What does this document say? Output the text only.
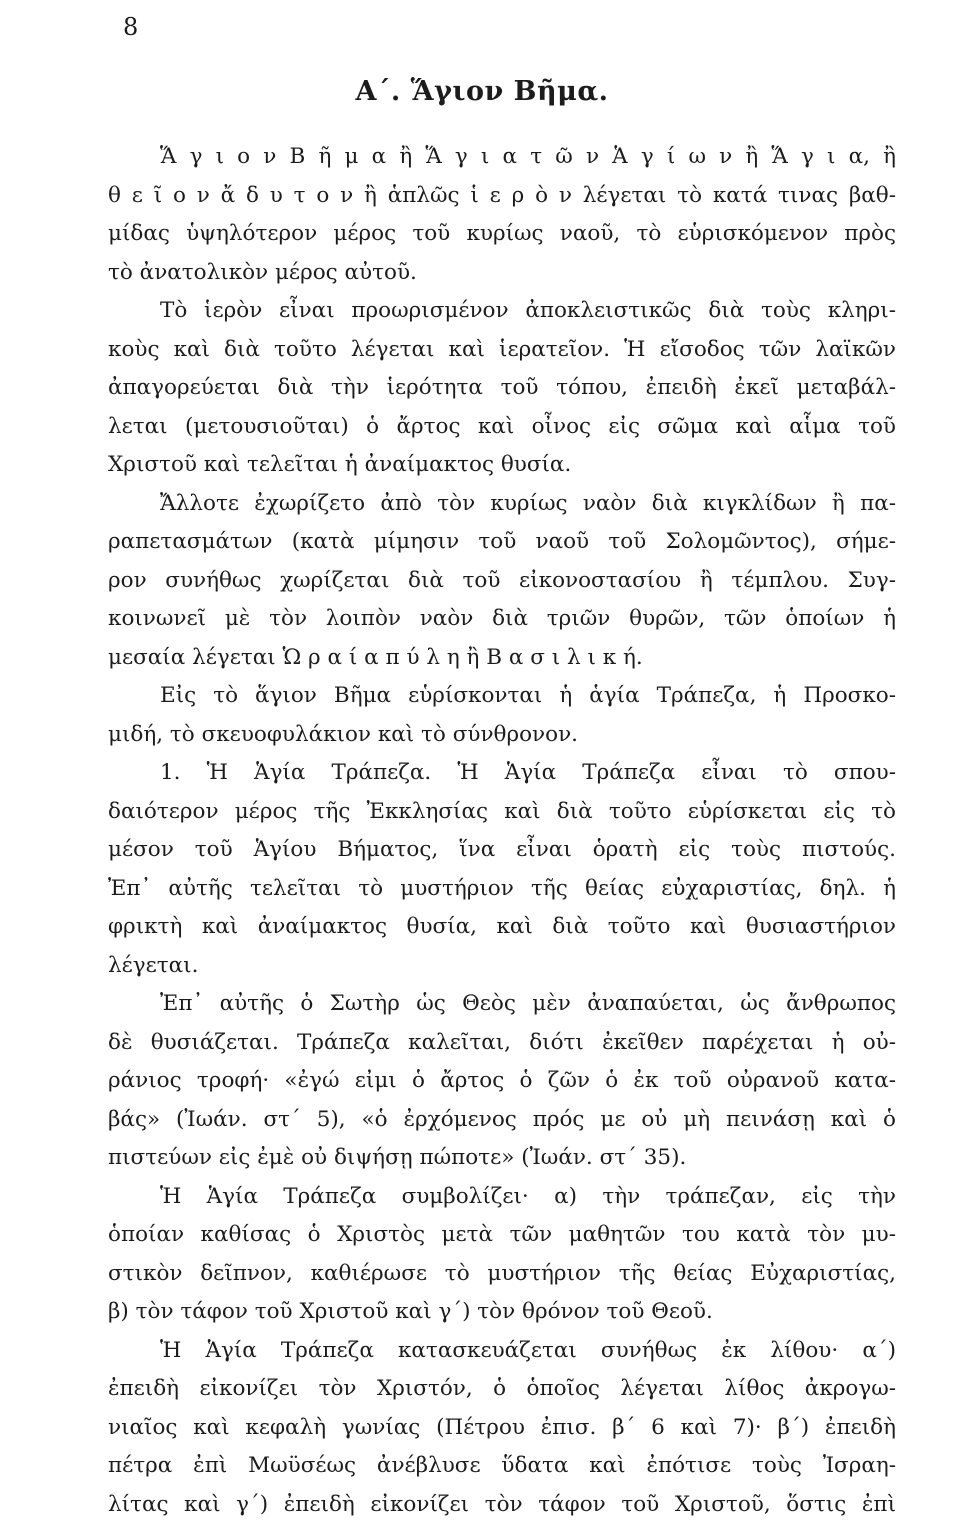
8
Α΄. Ἅγιον Βῆμα.
Ἅ γ ι ο ν Β ῆ μ α ἢ Ἅ γ ι α τ ῶ ν Ἁ γ ί ω ν ἢ Ἅ γ ι α, ἢ
θ ε ῖ ο ν ἄ δ υ τ ο ν ἢ ἁπλῶς ἱ ε ρ ὸ ν λέγεται τὸ κατά τινας βαθ-
μίδας ὑψηλότερον μέρος τοῦ κυρίως ναοῦ, τὸ εὑρισκόμενον πρὸς
τὸ ἀνατολικὸν μέρος αὐτοῦ.
Τὸ ἱερὸν εἶναι προωρισμένον ἀποκλειστικῶς διὰ τοὺς κληρι-
κοὺς καὶ διὰ τοῦτο λέγεται καὶ ἱερατεῖον. Ἡ εἴσοδος τῶν λαϊκῶν
ἀπαγορεύεται διὰ τὴν ἱερότητα τοῦ τόπου, ἐπειδὴ ἐκεῖ μεταβάλ-
λεται (μετουσιοῦται) ὁ ἄρτος καὶ οἶνος εἰς σῶμα καὶ αἷμα τοῦ
Χριστοῦ καὶ τελεῖται ἡ ἀναίμακτος θυσία.
Ἄλλοτε ἐχωρίζετο ἀπὸ τὸν κυρίως ναὸν διὰ κιγκλίδων ἢ πα-
ραπετασμάτων (κατὰ μίμησιν τοῦ ναοῦ τοῦ Σολομῶντος), σήμε-
ρον συνήθως χωρίζεται διὰ τοῦ εἰκονοστασίου ἢ τέμπλου. Συγ-
κοινωνεῖ μὲ τὸν λοιπὸν ναὸν διὰ τριῶν θυρῶν, τῶν ὁποίων ἡ
μεσαία λέγεται Ὡ ρ α ί α π ύ λ η ἢ Β α σ ι λ ι κ ή.
Εἰς τὸ ἅγιον Βῆμα εὑρίσκονται ἡ ἁγία Τράπεζα, ἡ Προσκο-
μιδή, τὸ σκευοφυλάκιον καὶ τὸ σύνθρονον.
1. Ἡ Ἁγία Τράπεζα. Ἡ Ἁγία Τράπεζα εἶναι τὸ σπου-
δαιότερον μέρος τῆς Ἐκκλησίας καὶ διὰ τοῦτο εὑρίσκεται εἰς τὸ
μέσον τοῦ Ἁγίου Βήματος, ἵνα εἶναι ὁρατὴ εἰς τοὺς πιστούς.
Ἐπ᾿ αὐτῆς τελεῖται τὸ μυστήριον τῆς θείας εὐχαριστίας, δηλ. ἡ
φρικτὴ καὶ ἀναίμακτος θυσία, καὶ διὰ τοῦτο καὶ θυσιαστήριον
λέγεται.
Ἐπ᾿ αὐτῆς ὁ Σωτὴρ ὡς Θεὸς μὲν ἀναπαύεται, ὡς ἄνθρωπος
δὲ θυσιάζεται. Τράπεζα καλεῖται, διότι ἐκεῖθεν παρέχεται ἡ οὐ-
ράνιος τροφή· «ἐγώ εἰμι ὁ ἄρτος ὁ ζῶν ὁ ἐκ τοῦ οὐρανοῦ κατα-
βάς» (Ἰωάν. στ΄ 5), «ὁ ἐρχόμενος πρός με οὐ μὴ πεινάσῃ καὶ ὁ
πιστεύων εἰς ἐμὲ οὐ διψήσῃ πώποτε» (Ἰωάν. στ΄ 35).
Ἡ Ἁγία Τράπεζα συμβολίζει· α) τὴν τράπεζαν, εἰς τὴν
ὁποίαν καθίσας ὁ Χριστὸς μετὰ τῶν μαθητῶν του κατὰ τὸν μυ-
στικὸν δεῖπνον, καθιέρωσε τὸ μυστήριον τῆς θείας Εὐχαριστίας,
β) τὸν τάφον τοῦ Χριστοῦ καὶ γ΄) τὸν θρόνον τοῦ Θεοῦ.
Ἡ Ἁγία Τράπεζα κατασκευάζεται συνήθως ἐκ λίθου· α΄)
ἐπειδὴ εἰκονίζει τὸν Χριστόν, ὁ ὁποῖος λέγεται λίθος ἀκρογω-
νιαῖος καὶ κεφαλὴ γωνίας (Πέτρου ἐπισ. β΄ 6 καὶ 7)· β΄) ἐπειδὴ
πέτρα ἐπὶ Μωϋσέως ἀνέβλυσε ὕδατα καὶ ἐπότισε τοὺς Ἰσραη-
λίτας καὶ γ΄) ἐπειδὴ εἰκονίζει τὸν τάφον τοῦ Χριστοῦ, ὅστις ἐπὶ
